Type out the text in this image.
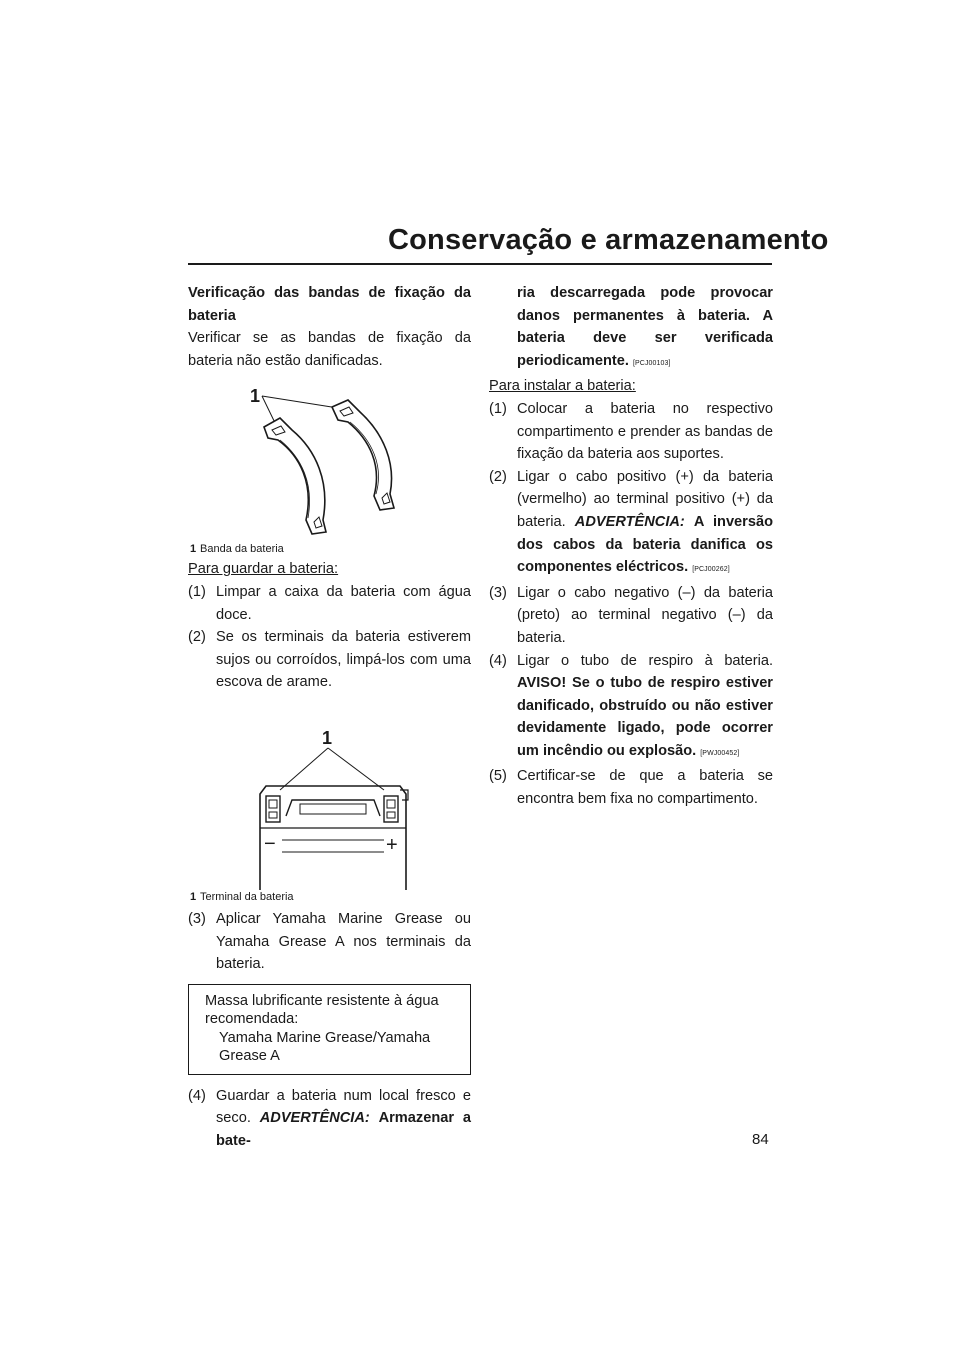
Conservação e armazenamento

Verificação das bandas de fixação da bateria

Verificar se as bandas de fixação da bateria não estão danificadas.

1
1 Banda da bateria

Para guardar a bateria:

(1) Limpar a caixa da bateria com água doce.
(2) Se os terminais da bateria estiverem sujos ou corroídos, limpá-los com uma escova de arame.
1
−	+
1 Terminal da bateria
(3) Aplicar Yamaha Marine Grease ou Yamaha Grease A nos terminais da bateria.
Massa lubrificante resistente à água recomendada:
Yamaha Marine Grease/Yamaha Grease A
(4) Guardar a bateria num local fresco e seco. ADVERTÊNCIA: Armazenar a bate-

ria descarregada pode provocar danos permanentes à bateria. A bateria deve ser verificada periodicamente. [PCJ00103]

Para instalar a bateria:

(1) Colocar a bateria no respectivo compartimento e prender as bandas de fixação da bateria aos suportes.
(2) Ligar o cabo positivo (+) da bateria (vermelho) ao terminal positivo (+) da bateria. ADVERTÊNCIA: A inversão dos cabos da bateria danifica os componentes eléctricos. [PCJ00262]
(3) Ligar o cabo negativo (–) da bateria (preto) ao terminal negativo (–) da bateria.
(4) Ligar o tubo de respiro à bateria. AVISO! Se o tubo de respiro estiver danificado, obstruído ou não estiver devidamente ligado, pode ocorrer um incêndio ou explosão. [PWJ00452]
(5) Certificar-se de que a bateria se encontra bem fixa no compartimento.
84
